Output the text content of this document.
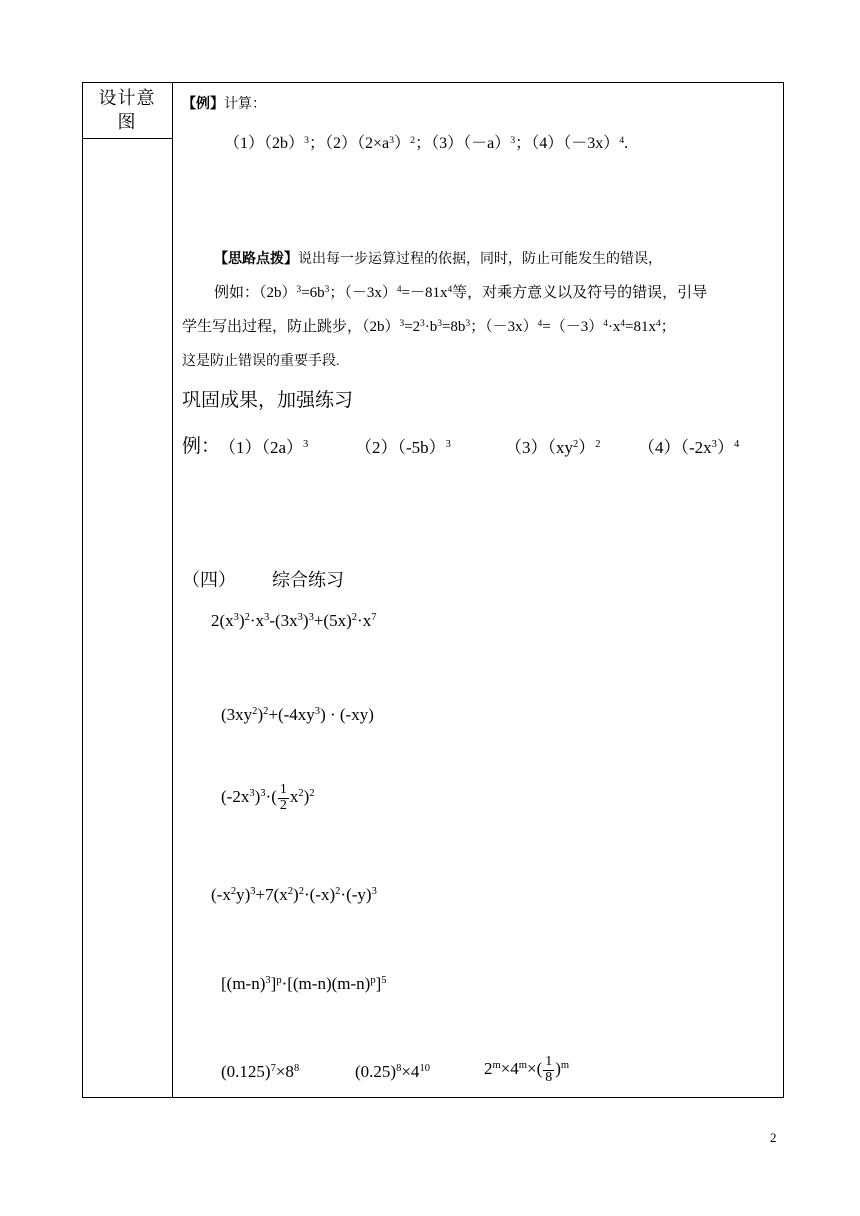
设计意图
【例】计算：
$(1)(2b)^3$；$(2)(2\times a^3)^2$；$(3)(-a)^3$；$(4)(-3x)^4$.
【思路点拨】说出每一步运算过程的依据，同时，防止可能发生的错误，
例如：$(2b)^3=6b^3$；$(-3x)^4=-81x^4$等，对乘方意义以及符号的错误，引导
学生写出过程，防止跳步，$(2b)^3=2^3\cdot b^3=8b^3$；$(-3x)^4=(-3)^4\cdot x^4=81x^4$；
这是防止错误的重要手段.
巩固成果，加强练习
例：
$(1)(2a)^3$	$(2)(-5b)^3$	$(3)(xy^2)^2$ $(4)(-2x^3)^4$
（四） 综合练习
$2(x^3)^2\cdot x^3-(3x^3)^3+(5x)^2\cdot x^7$
$(3xy^2)^2+(-4xy^3) \cdot (-xy)$
$(-2x^3)^3\cdot( \frac{1}{2} x^2)^2$
$(-x^2y)^3+7(x^2)^2\cdot(-x)^2\cdot(-y)^3$
$[(m-n)^3]^p\cdot[(m-n)(m-n)^p]^5$
$(0.125)^7\times 8^8$	$(0.25)^8\times 4^{10}$	$2^m\times 4^m\times( \frac{1}{8} )^m$
2
